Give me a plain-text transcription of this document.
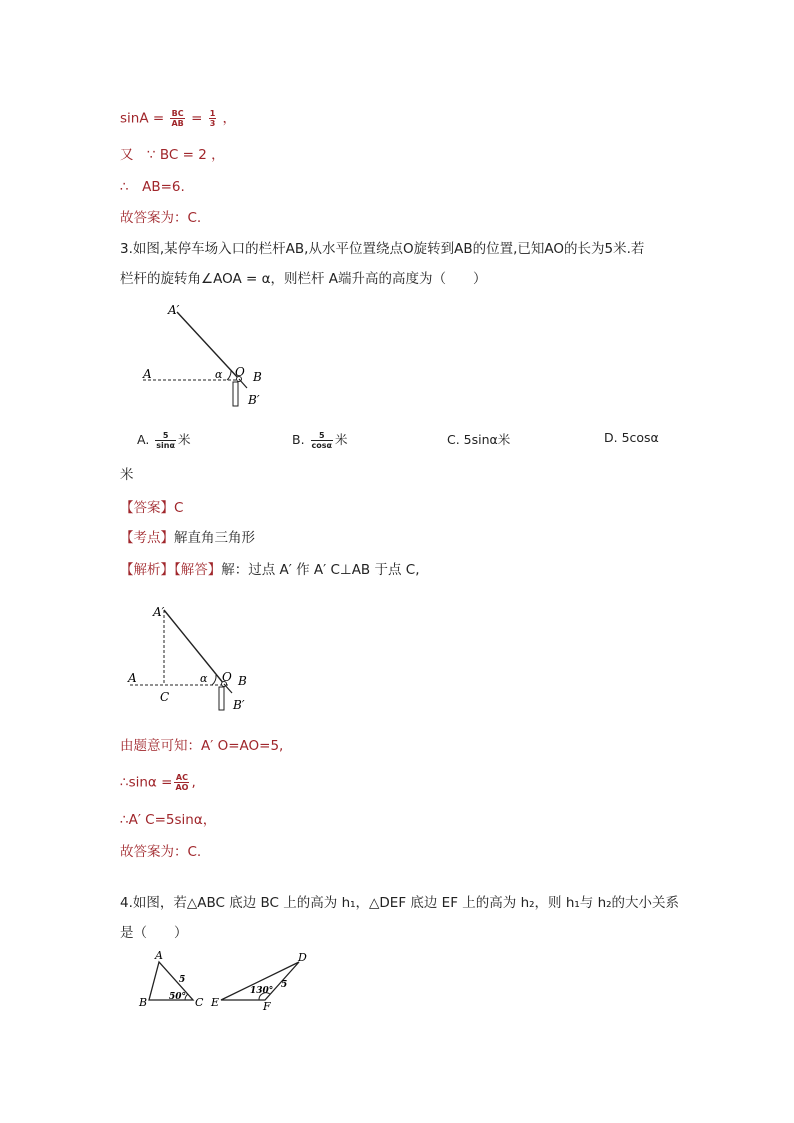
$\sin A = \frac{BC}{AB} = \frac{1}{3}$ ，
又　∵ BC = 2 ，
∴　AB=6.
故答案为：C.
3.如图,某停车场入口的栏杆AB,从水平位置绕点O旋转到AB的位置,已知AO的长为5米.若
栏杆的旋转角∠AOA = α，则栏杆 A端升高的高度为（　　）
A′
A	α O B
B′
A. $\frac{5}{\sin\alpha}$ 米	B. $\frac{5}{\cos\alpha}$ 米	C. 5sinα米	D. 5cosα
米
【答案】C
【考点】解直角三角形
【解析】【解答】解：过点 A′ 作 A′ C⊥AB 于点 C,
A′
A
C
α O B
B′
由题意可知：A′ O=AO=5,
∴sinα = $\frac{AC}{AO}$ ,
∴A′ C=5sinα，
故答案为：C.
4.如图，若△ABC 底边 BC 上的高为 h₁，△DEF 底边 EF 上的高为 h₂，则 h₁与 h₂的大小关系
是（　　）
A
B	C
5
50°
D
E	F
5
130°
